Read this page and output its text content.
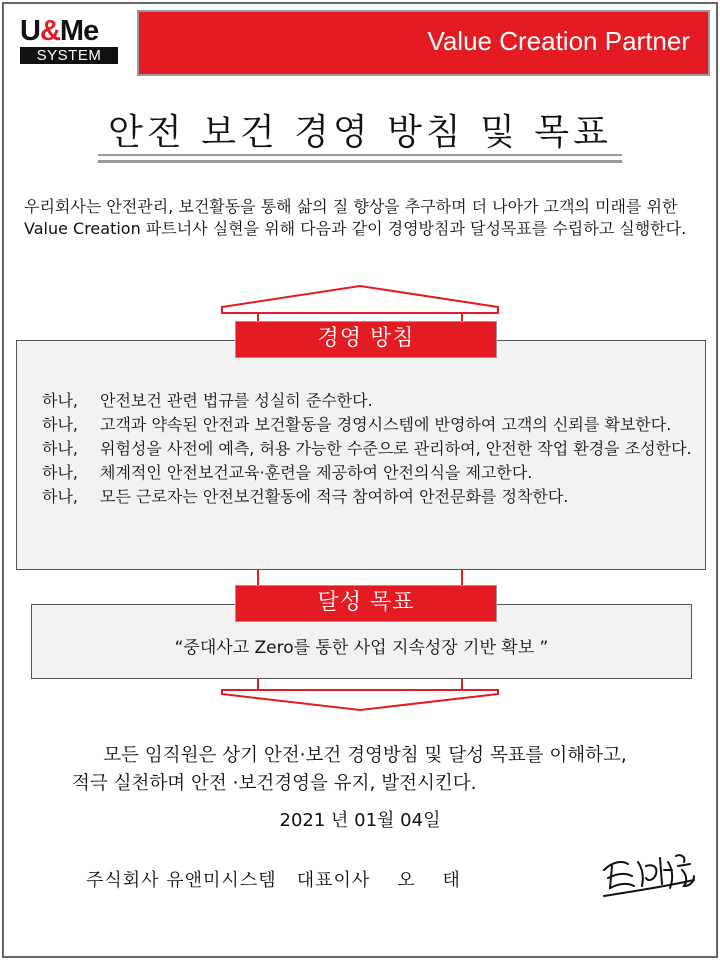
U&Me
SYSTEM	Value Creation Partner
안전 보건 경영 방침 및 목표
우리회사는 안전관리, 보건활동을 통해 삶의 질 향상을 추구하며 더 나아가 고객의 미래를 위한 Value Creation 파트너사 실현을 위해 다음과 같이 경영방침과 달성목표를 수립하고 실행한다.
경영 방침
하나,	안전보건 관련 법규를 성실히 준수한다.
하나,	고객과 약속된 안전과 보건활동을 경영시스템에 반영하여 고객의 신뢰를 확보한다.
하나,	위험성을 사전에 예측, 허용 가능한 수준으로 관리하여, 안전한 작업 환경을 조성한다.
하나,	체계적인 안전보건교육·훈련을 제공하여 안전의식을 제고한다.
하나,	모든 근로자는 안전보건활동에 적극 참여하여 안전문화를 정착한다.
달성 목표
“중대사고 Zero를 통한 사업 지속성장 기반 확보 ”
모든 임직원은 상기 안전·보건 경영방침 및 달성 목표를 이해하고,
적극 실천하며 안전 ·보건경영을 유지, 발전시킨다.
2021 년 01월 04일
주식회사 유앤미시스템   대표이사    오    태
